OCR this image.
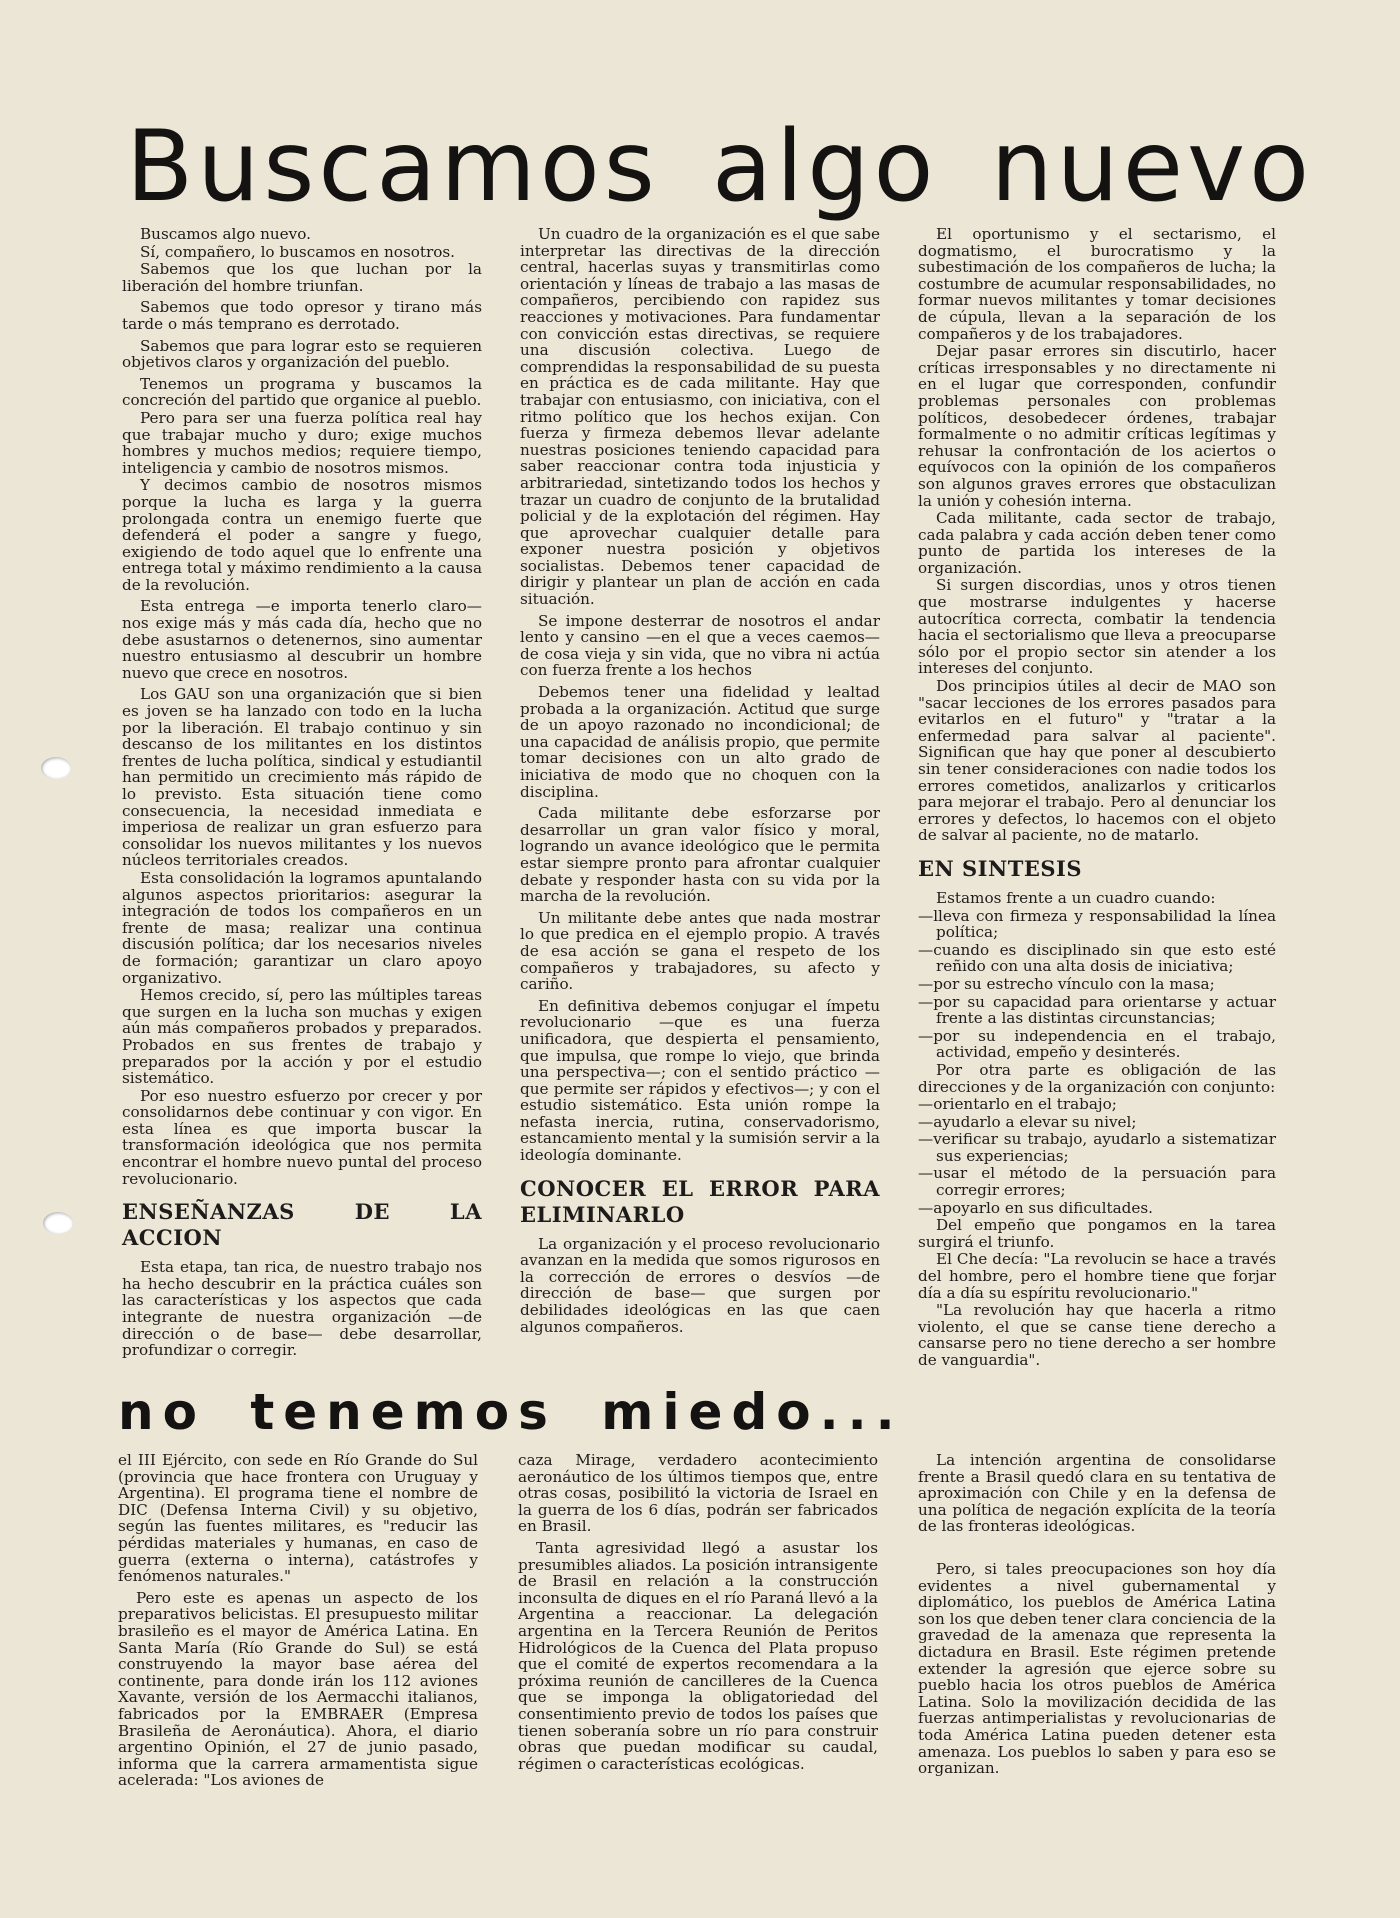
Buscamos algo nuevo

Buscamos algo nuevo.

Sí, compañero, lo buscamos en nosotros.

Sabemos que los que luchan por la liberación del hombre triunfan.

Sabemos que todo opresor y tirano más tarde o más temprano es derrotado.

Sabemos que para lograr esto se requieren objetivos claros y organización del pueblo.

Tenemos un programa y buscamos la concreción del partido que organice al pueblo.

Pero para ser una fuerza política real hay que trabajar mucho y duro; exige muchos hombres y muchos medios; requiere tiempo, inteligencia y cambio de nosotros mismos.

Y decimos cambio de nosotros mismos porque la lucha es larga y la guerra prolongada contra un enemigo fuerte que defenderá el poder a sangre y fuego, exigiendo de todo aquel que lo enfrente una entrega total y máximo rendimiento a la causa de la revolución.

Esta entrega —e importa tenerlo claro— nos exige más y más cada día, hecho que no debe asustarnos o detenernos, sino aumentar nuestro entusiasmo al descubrir un hombre nuevo que crece en nosotros.

Los GAU son una organización que si bien es joven se ha lanzado con todo en la lucha por la liberación. El trabajo continuo y sin descanso de los militantes en los distintos frentes de lucha política, sindical y estudiantil han permitido un crecimiento más rápido de lo previsto. Esta situación tiene como consecuencia, la necesidad inmediata e imperiosa de realizar un gran esfuerzo para consolidar los nuevos militantes y los nuevos núcleos territoriales creados.

Esta consolidación la logramos apuntalando algunos aspectos prioritarios: asegurar la integración de todos los compañeros en un frente de masa; realizar una continua discusión política; dar los necesarios niveles de formación; garantizar un claro apoyo organizativo.

Hemos crecido, sí, pero las múltiples tareas que surgen en la lucha son muchas y exigen aún más compañeros probados y preparados. Probados en sus frentes de trabajo y preparados por la acción y por el estudio sistemático.

Por eso nuestro esfuerzo por crecer y por consolidarnos debe continuar y con vigor. En esta línea es que importa buscar la transformación ideológica que nos permita encontrar el hombre nuevo puntal del proceso revolucionario.

ENSEÑANZAS DE LA ACCION

Esta etapa, tan rica, de nuestro trabajo nos ha hecho descubrir en la práctica cuáles son las características y los aspectos que cada integrante de nuestra organización —de dirección o de base— debe desarrollar, profundizar o corregir.

Un cuadro de la organización es el que sabe interpretar las directivas de la dirección central, hacerlas suyas y transmitirlas como orientación y líneas de trabajo a las masas de compañeros, percibiendo con rapidez sus reacciones y motivaciones. Para fundamentar con convicción estas directivas, se requiere una discusión colectiva. Luego de comprendidas la responsabilidad de su puesta en práctica es de cada militante. Hay que trabajar con entusiasmo, con iniciativa, con el ritmo político que los hechos exijan. Con fuerza y firmeza debemos llevar adelante nuestras posiciones teniendo capacidad para saber reaccionar contra toda injusticia y arbitrariedad, sintetizando todos los hechos y trazar un cuadro de conjunto de la brutalidad policial y de la explotación del régimen. Hay que aprovechar cualquier detalle para exponer nuestra posición y objetivos socialistas. Debemos tener capacidad de dirigir y plantear un plan de acción en cada situación.

Se impone desterrar de nosotros el andar lento y cansino —en el que a veces caemos— de cosa vieja y sin vida, que no vibra ni actúa con fuerza frente a los hechos

Debemos tener una fidelidad y lealtad probada a la organización. Actitud que surge de un apoyo razonado no incondicional; de una capacidad de análisis propio, que permite tomar decisiones con un alto grado de iniciativa de modo que no choquen con la disciplina.

Cada militante debe esforzarse por desarrollar un gran valor físico y moral, logrando un avance ideológico que le permita estar siempre pronto para afrontar cualquier debate y responder hasta con su vida por la marcha de la revolución.

Un militante debe antes que nada mostrar lo que predica en el ejemplo propio. A través de esa acción se gana el respeto de los compañeros y trabajadores, su afecto y cariño.

En definitiva debemos conjugar el ímpetu revolucionario —que es una fuerza unificadora, que despierta el pensamiento, que impulsa, que rompe lo viejo, que brinda una perspectiva—; con el sentido práctico —que permite ser rápidos y efectivos—; y con el estudio sistemático. Esta unión rompe la nefasta inercia, rutina, conservadorismo, estancamiento mental y la sumisión servir a la ideología dominante.

CONOCER EL ERROR PARA ELIMINARLO

La organización y el proceso revolucionario avanzan en la medida que somos rigurosos en la corrección de errores o desvíos —de dirección de base— que surgen por debilidades ideológicas en las que caen algunos compañeros.

El oportunismo y el sectarismo, el dogmatismo, el burocratismo y la subestimación de los compañeros de lucha; la costumbre de acumular responsabilidades, no formar nuevos militantes y tomar decisiones de cúpula, llevan a la separación de los compañeros y de los trabajadores.

Dejar pasar errores sin discutirlo, hacer críticas irresponsables y no directamente ni en el lugar que corresponden, confundir problemas personales con problemas políticos, desobedecer órdenes, trabajar formalmente o no admitir críticas legítimas y rehusar la confrontación de los aciertos o equívocos con la opinión de los compañeros son algunos graves errores que obstaculizan la unión y cohesión interna.

Cada militante, cada sector de trabajo, cada palabra y cada acción deben tener como punto de partida los intereses de la organización.

Si surgen discordias, unos y otros tienen que mostrarse indulgentes y hacerse autocrítica correcta, combatir la tendencia hacia el sectorialismo que lleva a preocuparse sólo por el propio sector sin atender a los intereses del conjunto.

Dos principios útiles al decir de MAO son "sacar lecciones de los errores pasados para evitarlos en el futuro" y "tratar a la enfermedad para salvar al paciente". Significan que hay que poner al descubierto sin tener consideraciones con nadie todos los errores cometidos, analizarlos y criticarlos para mejorar el trabajo. Pero al denunciar los errores y defectos, lo hacemos con el objeto de salvar al paciente, no de matarlo.

EN SINTESIS

Estamos frente a un cuadro cuando:

—lleva con firmeza y responsabilidad la línea política;

—cuando es disciplinado sin que esto esté reñido con una alta dosis de iniciativa;

—por su estrecho vínculo con la masa;

—por su capacidad para orientarse y actuar frente a las distintas circunstancias;

—por su independencia en el trabajo, actividad, empeño y desinterés.

Por otra parte es obligación de las direcciones y de la organización con conjunto:

—orientarlo en el trabajo;

—ayudarlo a elevar su nivel;

—verificar su trabajo, ayudarlo a sistematizar sus experiencias;

—usar el método de la persuación para corregir errores;

—apoyarlo en sus dificultades.

Del empeño que pongamos en la tarea surgirá el triunfo.

El Che decía: "La revolucin se hace a través del hombre, pero el hombre tiene que forjar día a día su espíritu revolucionario."

"La revolución hay que hacerla a ritmo violento, el que se canse tiene derecho a cansarse pero no tiene derecho a ser hombre de vanguardia".

no tenemos miedo...

el III Ejército, con sede en Río Grande do Sul (provincia que hace frontera con Uruguay y Argentina). El programa tiene el nombre de DIC (Defensa Interna Civil) y su objetivo, según las fuentes militares, es "reducir las pérdidas materiales y humanas, en caso de guerra (externa o interna), catástrofes y fenómenos naturales."

Pero este es apenas un aspecto de los preparativos belicistas. El presupuesto militar brasileño es el mayor de América Latina. En Santa María (Río Grande do Sul) se está construyendo la mayor base aérea del continente, para donde irán los 112 aviones Xavante, versión de los Aermacchi italianos, fabricados por la EMBRAER (Empresa Brasileña de Aeronáutica). Ahora, el diario argentino Opinión, el 27 de junio pasado, informa que la carrera armamentista sigue acelerada: "Los aviones de

caza Mirage, verdadero acontecimiento aeronáutico de los últimos tiempos que, entre otras cosas, posibilitó la victoria de Israel en la guerra de los 6 días, podrán ser fabricados en Brasil.

Tanta agresividad llegó a asustar los presumibles aliados. La posición intransigente de Brasil en relación a la construcción inconsulta de diques en el río Paraná llevó a la Argentina a reaccionar. La delegación argentina en la Tercera Reunión de Peritos Hidrológicos de la Cuenca del Plata propuso que el comité de expertos recomendara a la próxima reunión de cancilleres de la Cuenca que se imponga la obligatoriedad del consentimiento previo de todos los países que tienen soberanía sobre un río para construir obras que puedan modificar su caudal, régimen o características ecológicas.

La intención argentina de consolidarse frente a Brasil quedó clara en su tentativa de aproximación con Chile y en la defensa de una política de negación explícita de la teoría de las fronteras ideológicas.

Pero, si tales preocupaciones son hoy día evidentes a nivel gubernamental y diplomático, los pueblos de América Latina son los que deben tener clara conciencia de la gravedad de la amenaza que representa la dictadura en Brasil. Este régimen pretende extender la agresión que ejerce sobre su pueblo hacia los otros pueblos de América Latina. Solo la movilización decidida de las fuerzas antimperialistas y revolucionarias de toda América Latina pueden detener esta amenaza. Los pueblos lo saben y para eso se organizan.
